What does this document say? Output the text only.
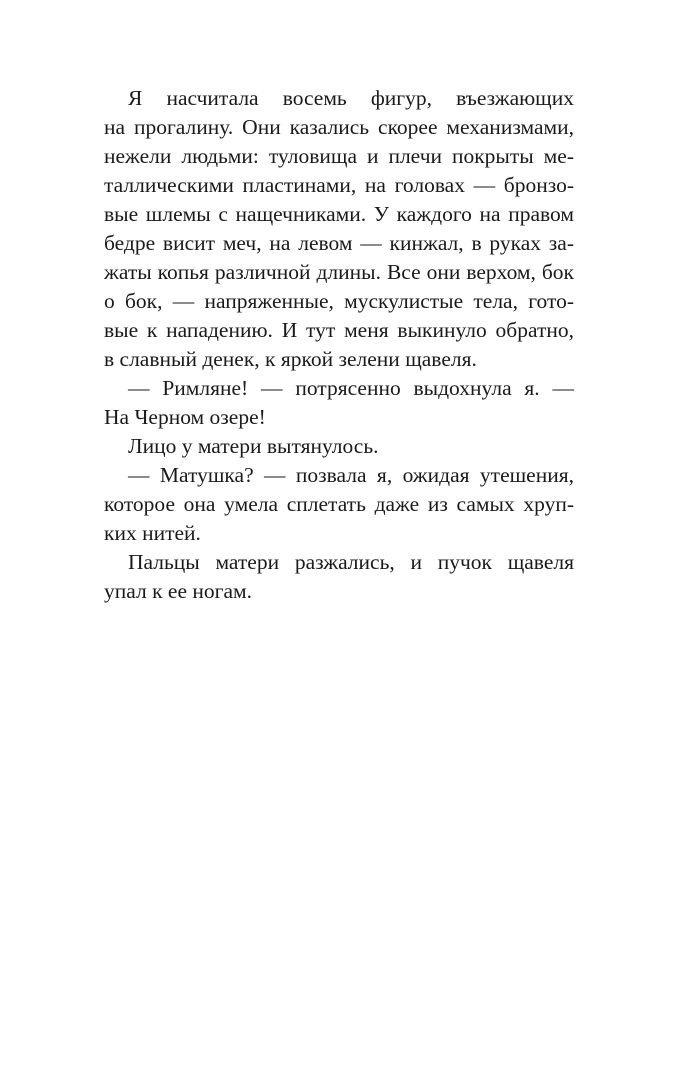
Я насчитала восемь фигур, въезжающих
на прогалину. Они казались скорее механизмами,
нежели людьми: туловища и плечи покрыты ме-
таллическими пластинами, на головах — бронзо-
вые шлемы с нащечниками. У каждого на правом
бедре висит меч, на левом — кинжал, в руках за-
жаты копья различной длины. Все они верхом, бок
о бок, — напряженные, мускулистые тела, гото-
вые к нападению. И тут меня выкинуло обратно,
в славный денек, к яркой зелени щавеля.
— Римляне! — потрясенно выдохнула я. —
На Черном озере!
Лицо у матери вытянулось.
— Матушка? — позвала я, ожидая утешения,
которое она умела сплетать даже из самых хруп-
ких нитей.
Пальцы матери разжались, и пучок щавеля
упал к ее ногам.
